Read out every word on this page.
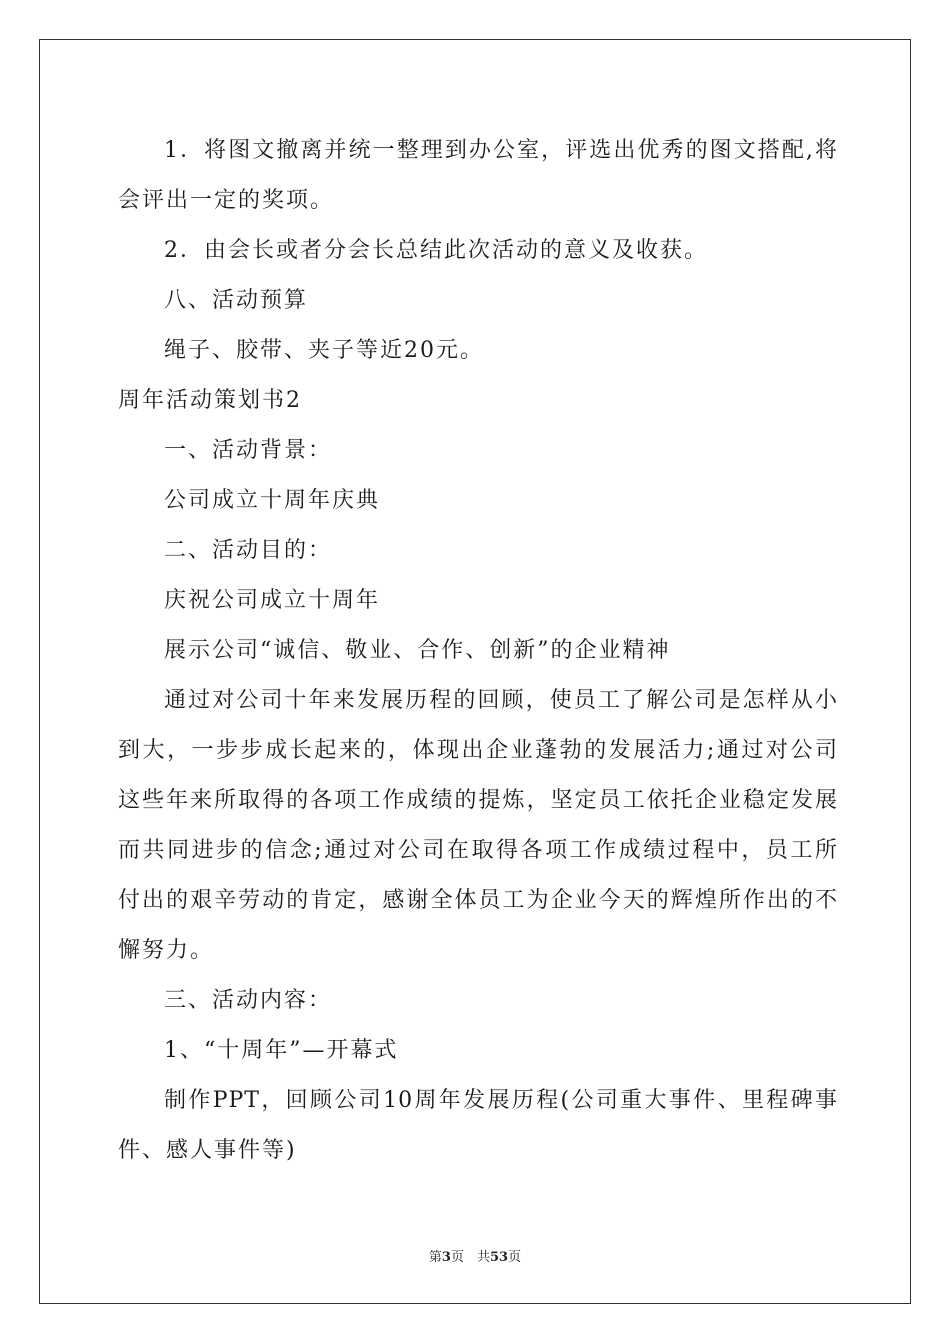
1．将图文撤离并统一整理到办公室，评选出优秀的图文搭配,将
会评出一定的奖项。
2．由会长或者分会长总结此次活动的意义及收获。
八、活动预算
绳子、胶带、夹子等近20元。
周年活动策划书2
一、活动背景：
公司成立十周年庆典
二、活动目的：
庆祝公司成立十周年
展示公司“诚信、敬业、合作、创新”的企业精神
通过对公司十年来发展历程的回顾，使员工了解公司是怎样从小
到大，一步步成长起来的，体现出企业蓬勃的发展活力;通过对公司
这些年来所取得的各项工作成绩的提炼，坚定员工依托企业稳定发展
而共同进步的信念;通过对公司在取得各项工作成绩过程中，员工所
付出的艰辛劳动的肯定，感谢全体员工为企业今天的辉煌所作出的不
懈努力。
三、活动内容：
1、“十周年”—开幕式
制作PPT，回顾公司10周年发展历程(公司重大事件、里程碑事
件、感人事件等)
第3页　共53页
